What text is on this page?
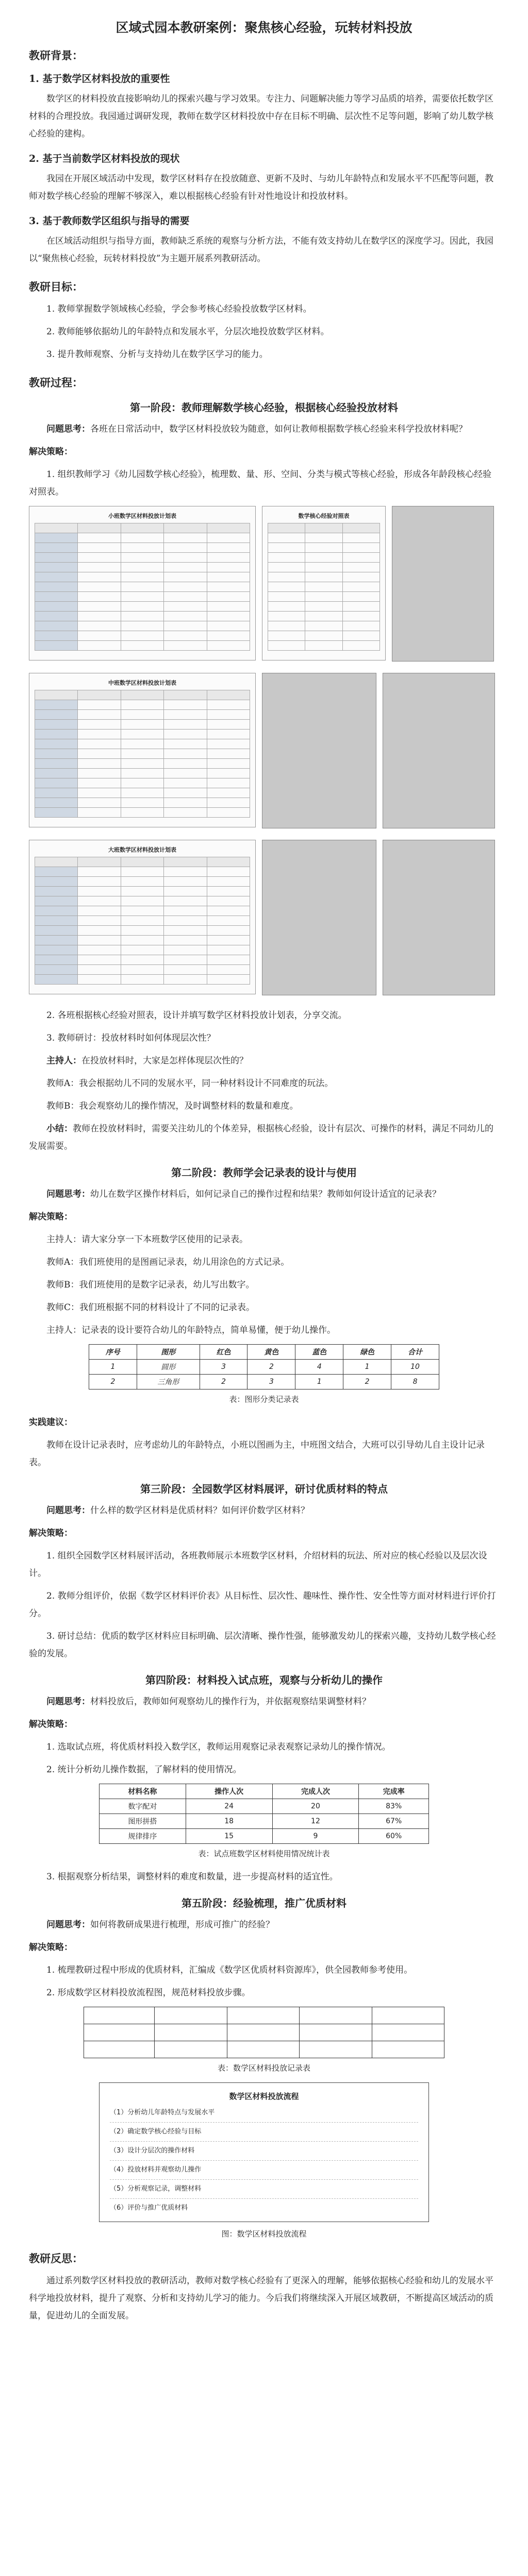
区域式园本教研案例：聚焦核心经验，玩转材料投放
教研背景：
1. 基于数学区材料投放的重要性

数学区的材料投放直接影响幼儿的探索兴趣与学习效果。专注力、问题解决能力等学习品质的培养，需要依托数学区材料的合理投放。我园通过调研发现，教师在数学区材料投放中存在目标不明确、层次性不足等问题，影响了幼儿数学核心经验的建构。

2. 基于当前数学区材料投放的现状

我园在开展区域活动中发现，数学区材料存在投放随意、更新不及时、与幼儿年龄特点和发展水平不匹配等问题，教师对数学核心经验的理解不够深入，难以根据核心经验有针对性地设计和投放材料。

3. 基于教师数学区组织与指导的需要

在区域活动组织与指导方面，教师缺乏系统的观察与分析方法，不能有效支持幼儿在数学区的深度学习。因此，我园以“聚焦核心经验，玩转材料投放”为主题开展系列教研活动。

教研目标：

1. 教师掌握数学领域核心经验，学会参考核心经验投放数学区材料。

2. 教师能够依据幼儿的年龄特点和发展水平，分层次地投放数学区材料。

3. 提升教师观察、分析与支持幼儿在数学区学习的能力。

教研过程：
第一阶段：教师理解数学核心经验，根据核心经验投放材料

问题思考：各班在日常活动中，数学区材料投放较为随意，如何让教师根据数学核心经验来科学投放材料呢？

解决策略：

1. 组织教师学习《幼儿园数学核心经验》，梳理数、量、形、空间、分类与模式等核心经验，形成各年龄段核心经验对照表。

小班数学区材料投放计划表

					数学核心经验对照表

中班数学区材料投放计划表

大班数学区材料投放计划表

2. 各班根据核心经验对照表，设计并填写数学区材料投放计划表，分享交流。

3. 教师研讨：投放材料时如何体现层次性？

主持人：在投放材料时，大家是怎样体现层次性的？

教师A：我会根据幼儿不同的发展水平，同一种材料设计不同难度的玩法。

教师B：我会观察幼儿的操作情况，及时调整材料的数量和难度。

小结：教师在投放材料时，需要关注幼儿的个体差异，根据核心经验，设计有层次、可操作的材料，满足不同幼儿的发展需要。

第二阶段：教师学会记录表的设计与使用

问题思考：幼儿在数学区操作材料后，如何记录自己的操作过程和结果？教师如何设计适宜的记录表？

解决策略：

主持人：请大家分享一下本班数学区使用的记录表。

教师A：我们班使用的是图画记录表，幼儿用涂色的方式记录。

教师B：我们班使用的是数字记录表，幼儿写出数字。

教师C：我们班根据不同的材料设计了不同的记录表。

主持人：记录表的设计要符合幼儿的年龄特点，简单易懂，便于幼儿操作。

序号	图形	红色	黄色	蓝色	绿色	合计
1	圆形	3	2	4	1	10
2	三角形	2	3	1	2	8
表：图形分类记录表

实践建议：

教师在设计记录表时，应考虑幼儿的年龄特点，小班以图画为主，中班图文结合，大班可以引导幼儿自主设计记录表。

第三阶段：全园数学区材料展评，研讨优质材料的特点

问题思考：什么样的数学区材料是优质材料？如何评价数学区材料？

解决策略：

1. 组织全园数学区材料展评活动，各班教师展示本班数学区材料，介绍材料的玩法、所对应的核心经验以及层次设计。

2. 教师分组评价，依据《数学区材料评价表》从目标性、层次性、趣味性、操作性、安全性等方面对材料进行评价打分。

3. 研讨总结：优质的数学区材料应目标明确、层次清晰、操作性强，能够激发幼儿的探索兴趣，支持幼儿数学核心经验的发展。

第四阶段：材料投入试点班，观察与分析幼儿的操作

问题思考：材料投放后，教师如何观察幼儿的操作行为，并依据观察结果调整材料？

解决策略：

1. 选取试点班，将优质材料投入数学区，教师运用观察记录表观察记录幼儿的操作情况。

2. 统计分析幼儿操作数据，了解材料的使用情况。

材料名称	操作人次	完成人次	完成率
数字配对	24	20	83%
图形拼搭	18	12	67%
规律排序	15	9	60%
表：试点班数学区材料使用情况统计表

3. 根据观察分析结果，调整材料的难度和数量，进一步提高材料的适宜性。

第五阶段：经验梳理，推广优质材料

问题思考：如何将教研成果进行梳理，形成可推广的经验？

解决策略：

1. 梳理教研过程中形成的优质材料，汇编成《数学区优质材料资源库》，供全园教师参考使用。

2. 形成数学区材料投放流程图，规范材料投放步骤。

表：数学区材料投放记录表
数学区材料投放流程
（1）分析幼儿年龄特点与发展水平
（2）确定数学核心经验与目标
（3）设计分层次的操作材料
（4）投放材料并观察幼儿操作
（5）分析观察记录，调整材料
（6）评价与推广优质材料
图：数学区材料投放流程
教研反思：

通过系列数学区材料投放的教研活动，教师对数学核心经验有了更深入的理解，能够依据核心经验和幼儿的发展水平科学地投放材料，提升了观察、分析和支持幼儿学习的能力。今后我们将继续深入开展区域教研，不断提高区域活动的质量，促进幼儿的全面发展。
